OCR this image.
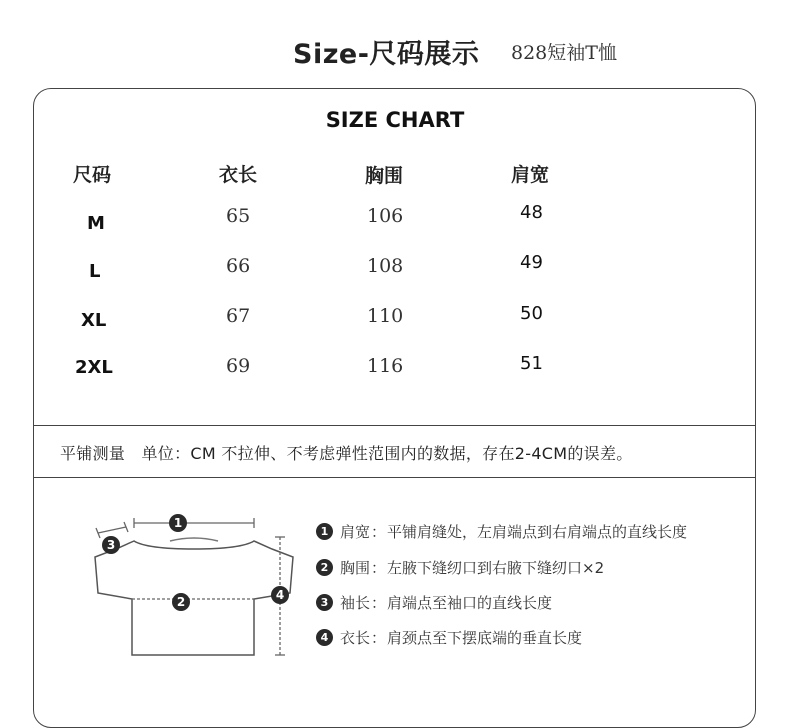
Size-尺码展示 828短袖T恤
SIZE CHART
尺码	衣长	胸围	肩宽
M	65	106	48
L	66	108	49
XL	67	110	50
2XL	69	116	51
平铺测量　单位：CM 不拉伸、不考虑弹性范围内的数据，存在2-4CM的误差。
1
3
2	4
1 肩宽 ： 平铺肩缝处，左肩端点到右肩端点的直线长度
2 胸围 ： 左腋下缝纫口到右腋下缝纫口×2
3 袖长 ： 肩端点至袖口的直线长度
4 衣长 ： 肩颈点至下摆底端的垂直长度
